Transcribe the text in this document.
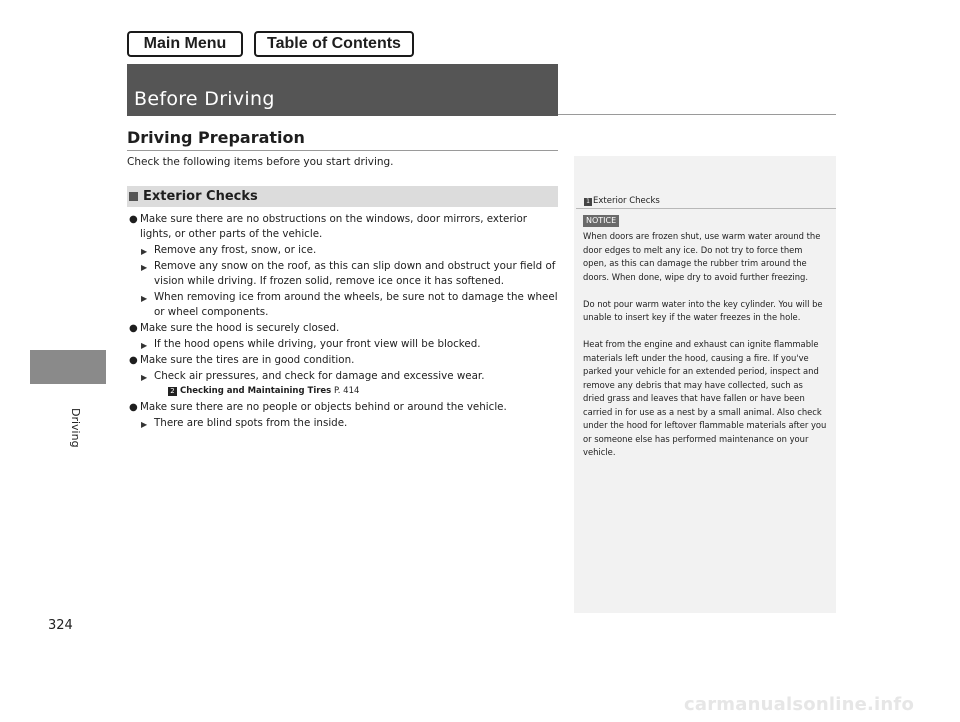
Main Menu	Table of Contents
Before Driving
Driving
324
Driving Preparation
Check the following items before you start driving.
Exterior Checks
● Make sure there are no obstructions on the windows, door mirrors, exterior lights, or other parts of the vehicle.
▶ Remove any frost, snow, or ice.
▶ Remove any snow on the roof, as this can slip down and obstruct your field of vision while driving. If frozen solid, remove ice once it has softened.
▶ When removing ice from around the wheels, be sure not to damage the wheel or wheel components.
● Make sure the hood is securely closed.
▶ If the hood opens while driving, your front view will be blocked.
● Make sure the tires are in good condition.
▶ Check air pressures, and check for damage and excessive wear.
2 Checking and Maintaining Tires P. 414
● Make sure there are no people or objects behind or around the vehicle.
▶ There are blind spots from the inside.
1 Exterior Checks
NOTICE

When doors are frozen shut, use warm water around the door edges to melt any ice. Do not try to force them open, as this can damage the rubber trim around the doors. When done, wipe dry to avoid further freezing.

Do not pour warm water into the key cylinder. You will be unable to insert key if the water freezes in the hole.

Heat from the engine and exhaust can ignite flammable materials left under the hood, causing a fire. If you've parked your vehicle for an extended period, inspect and remove any debris that may have collected, such as dried grass and leaves that have fallen or have been carried in for use as a nest by a small animal. Also check under the hood for leftover flammable materials after you or someone else has performed maintenance on your vehicle.

carmanualsonline.info
